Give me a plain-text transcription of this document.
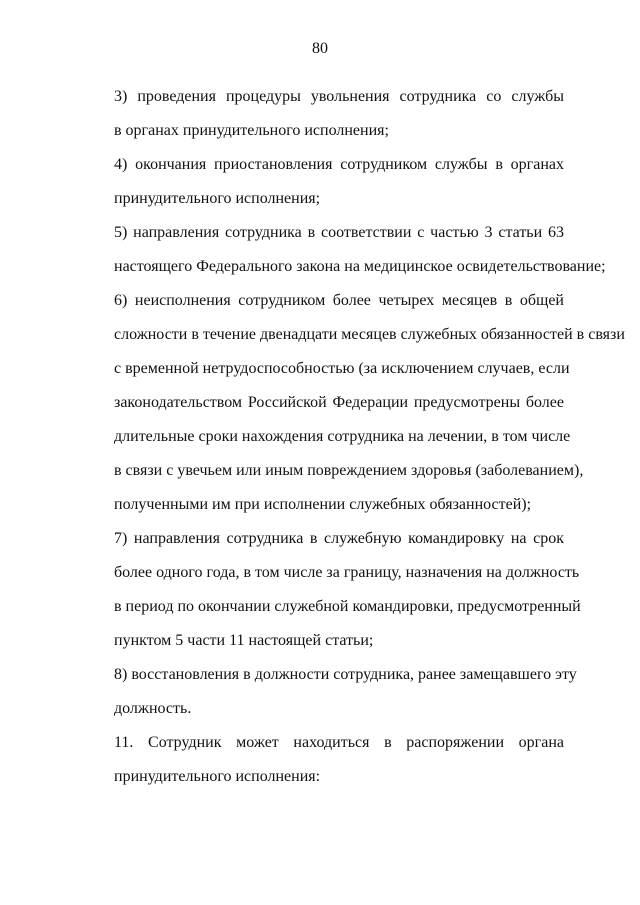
80

3) проведения процедуры увольнения сотрудника со службы
в органах принудительного исполнения;

4) окончания приостановления сотрудником службы в органах
принудительного исполнения;

5) направления сотрудника в соответствии с частью 3 статьи 63
настоящего Федерального закона на медицинское освидетельствование;

6) неисполнения сотрудником более четырех месяцев в общей
сложности в течение двенадцати месяцев служебных обязанностей в связи
с временной нетрудоспособностью (за исключением случаев, если
законодательством Российской Федерации предусмотрены более
длительные сроки нахождения сотрудника на лечении, в том числе
в связи с увечьем или иным повреждением здоровья (заболеванием),
полученными им при исполнении служебных обязанностей);

7) направления сотрудника в служебную командировку на срок
более одного года, в том числе за границу, назначения на должность
в период по окончании служебной командировки, предусмотренный
пунктом 5 части 11 настоящей статьи;

8) восстановления в должности сотрудника, ранее замещавшего эту
должность.

11. Сотрудник может находиться в распоряжении органа
принудительного исполнения:
